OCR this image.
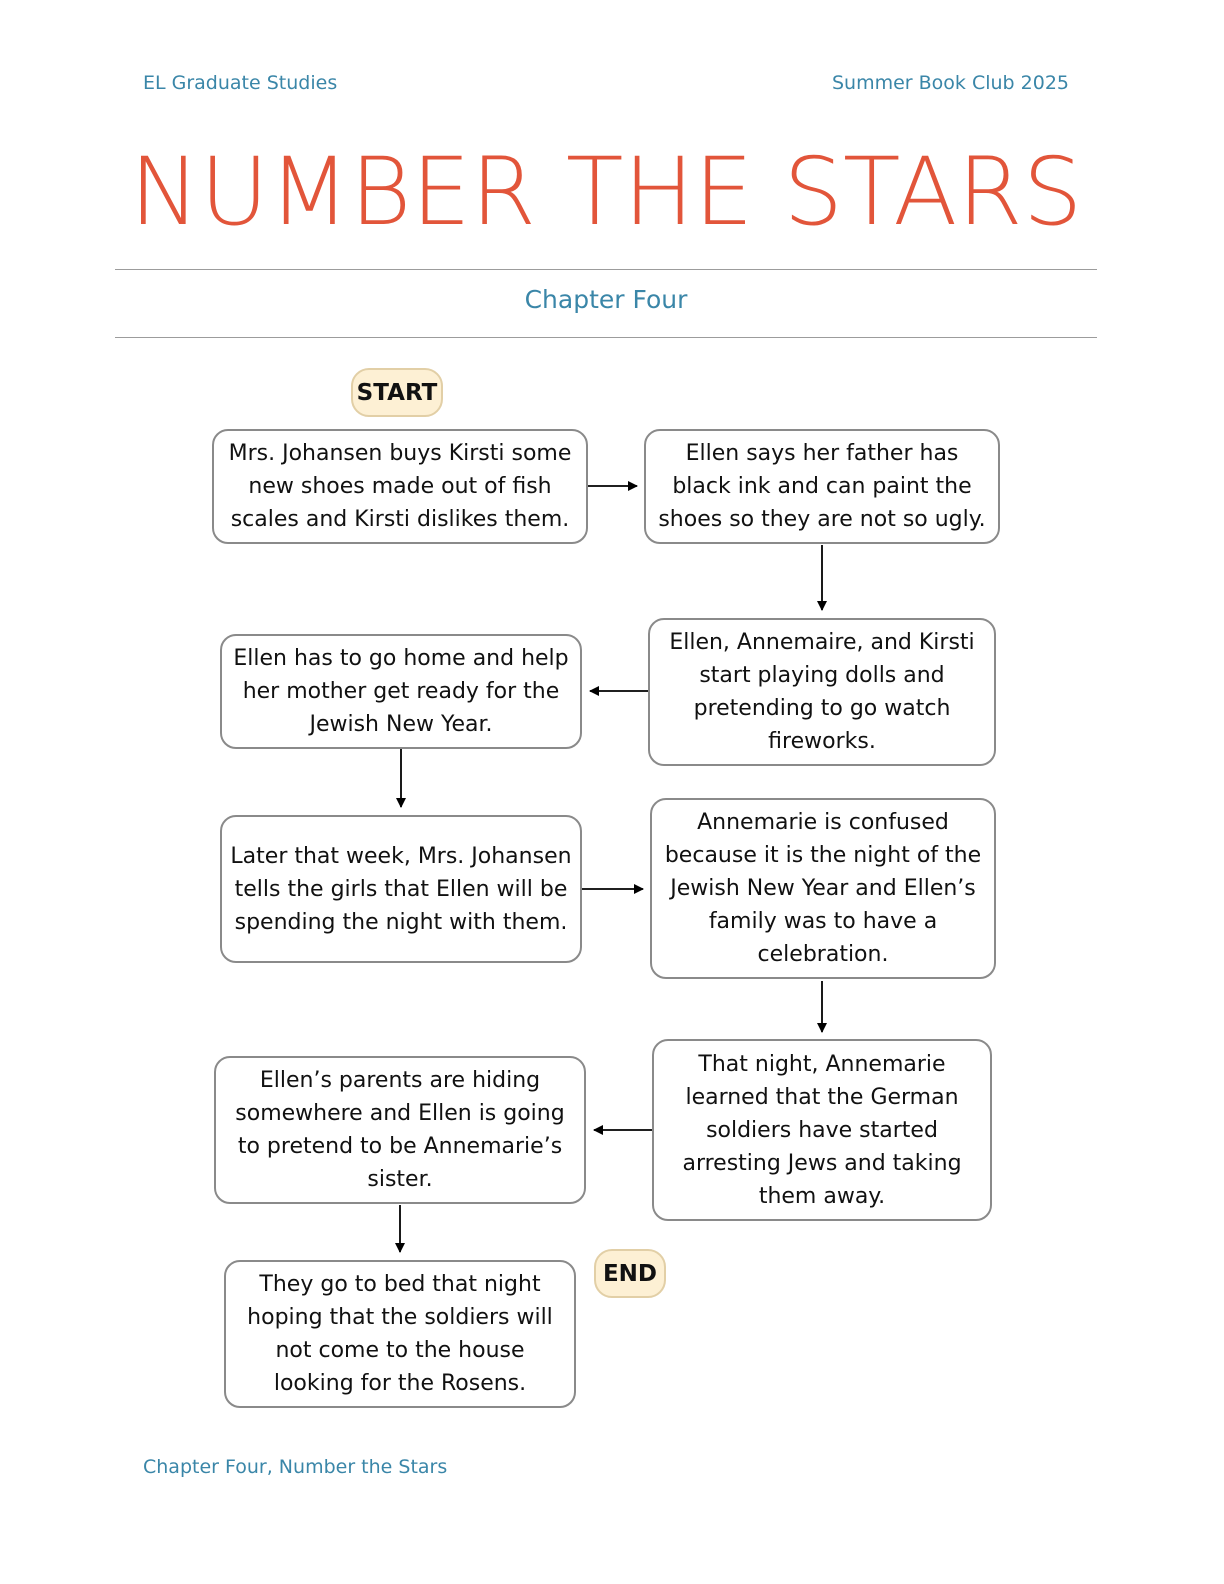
EL Graduate Studies	Summer Book Club 2025
NUMBER THE STARS
Chapter Four
START
Mrs. Johansen buys Kirsti some new shoes made out of fish scales and Kirsti dislikes them.
Ellen says her father has black ink and can paint the shoes so they are not so ugly.
Ellen, Annemaire, and Kirsti start playing dolls and pretending to go watch fireworks.
Ellen has to go home and help her mother get ready for the Jewish New Year.
Later that week, Mrs. Johansen tells the girls that Ellen will be spending the night with them.
Annemarie is confused because it is the night of the Jewish New Year and Ellen’s family was to have a celebration.
That night, Annemarie learned that the German soldiers have started arresting Jews and taking them away.
Ellen’s parents are hiding somewhere and Ellen is going to pretend to be Annemarie’s sister.
They go to bed that night hoping that the soldiers will not come to the house looking for the Rosens.
END
Chapter Four, Number the Stars
